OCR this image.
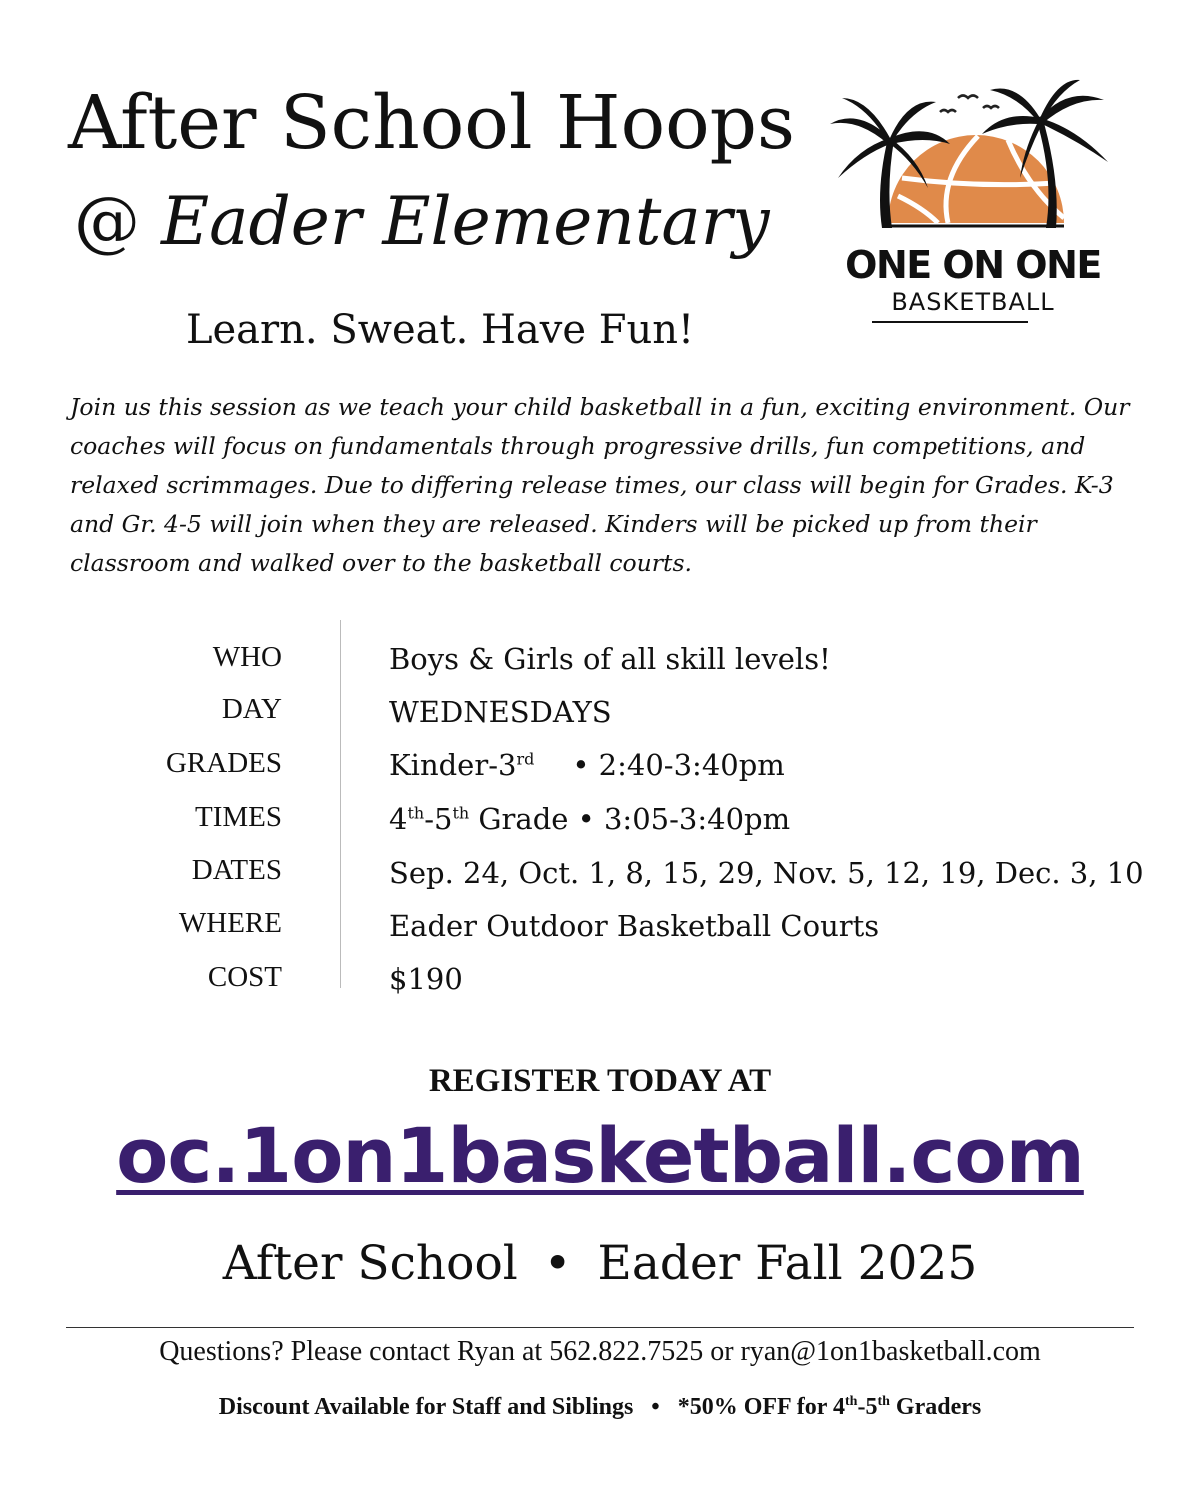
After School Hoops
@ Eader Elementary
Learn. Sweat. Have Fun!
ONE ON ONE
BASKETBALL
Join us this session as we teach your child basketball in a fun, exciting environment. Our coaches will focus on fundamentals through progressive drills, fun competitions, and relaxed scrimmages. Due to differing release times, our class will begin for Grades. K-3 and Gr. 4-5 will join when they are released. Kinders will be picked up from their classroom and walked over to the basketball courts.
WHO	Boys & Girls of all skill levels!
DAY	WEDNESDAYS
GRADES	Kinder-3rd • 2:40-3:40pm
TIMES	4th-5th Grade • 3:05-3:40pm
DATES	Sep. 24, Oct. 1, 8, 15, 29, Nov. 5, 12, 19, Dec. 3, 10
WHERE	Eader Outdoor Basketball Courts
COST	$190
REGISTER TODAY AT
oc.1on1basketball.com
After School • Eader Fall 2025
Questions? Please contact Ryan at 562.822.7525 or ryan@1on1basketball.com
Discount Available for Staff and Siblings • *50% OFF for 4th-5th Graders
